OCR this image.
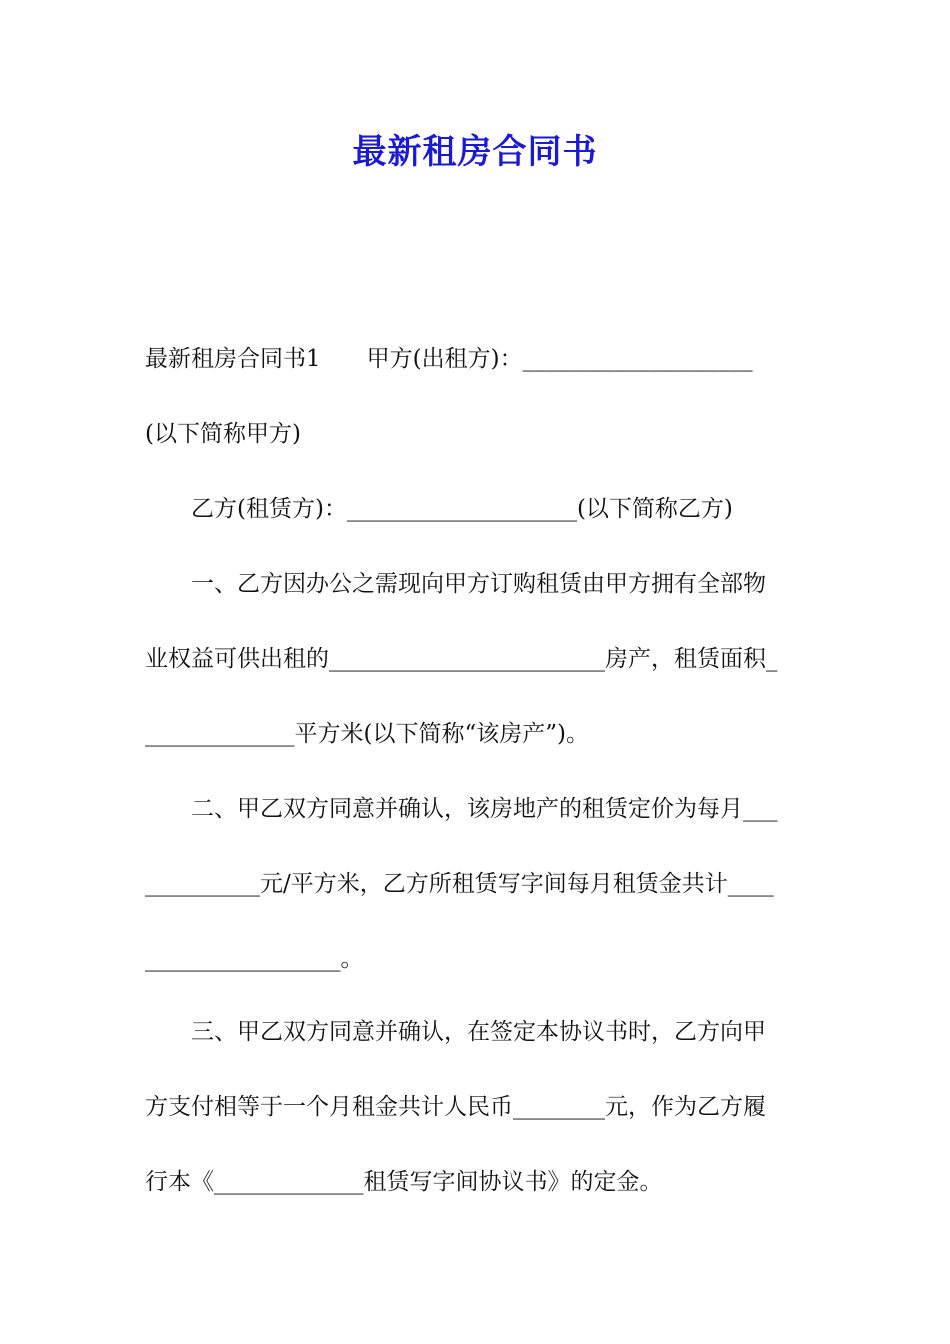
最新租房合同书
最新租房合同书1　　甲方(出租方)：____________________
(以下简称甲方)
　　乙方(租赁方)：____________________(以下简称乙方)
　　一、乙方因办公之需现向甲方订购租赁由甲方拥有全部物
业权益可供出租的________________________房产，租赁面积_
_____________平方米(以下简称“该房产”)。
　　二、甲乙双方同意并确认，该房地产的租赁定价为每月___
__________元/平方米，乙方所租赁写字间每月租赁金共计____
_________________。
　　三、甲乙双方同意并确认，在签定本协议书时，乙方向甲
方支付相等于一个月租金共计人民币________元，作为乙方履
行本《_____________租赁写字间协议书》的定金。
